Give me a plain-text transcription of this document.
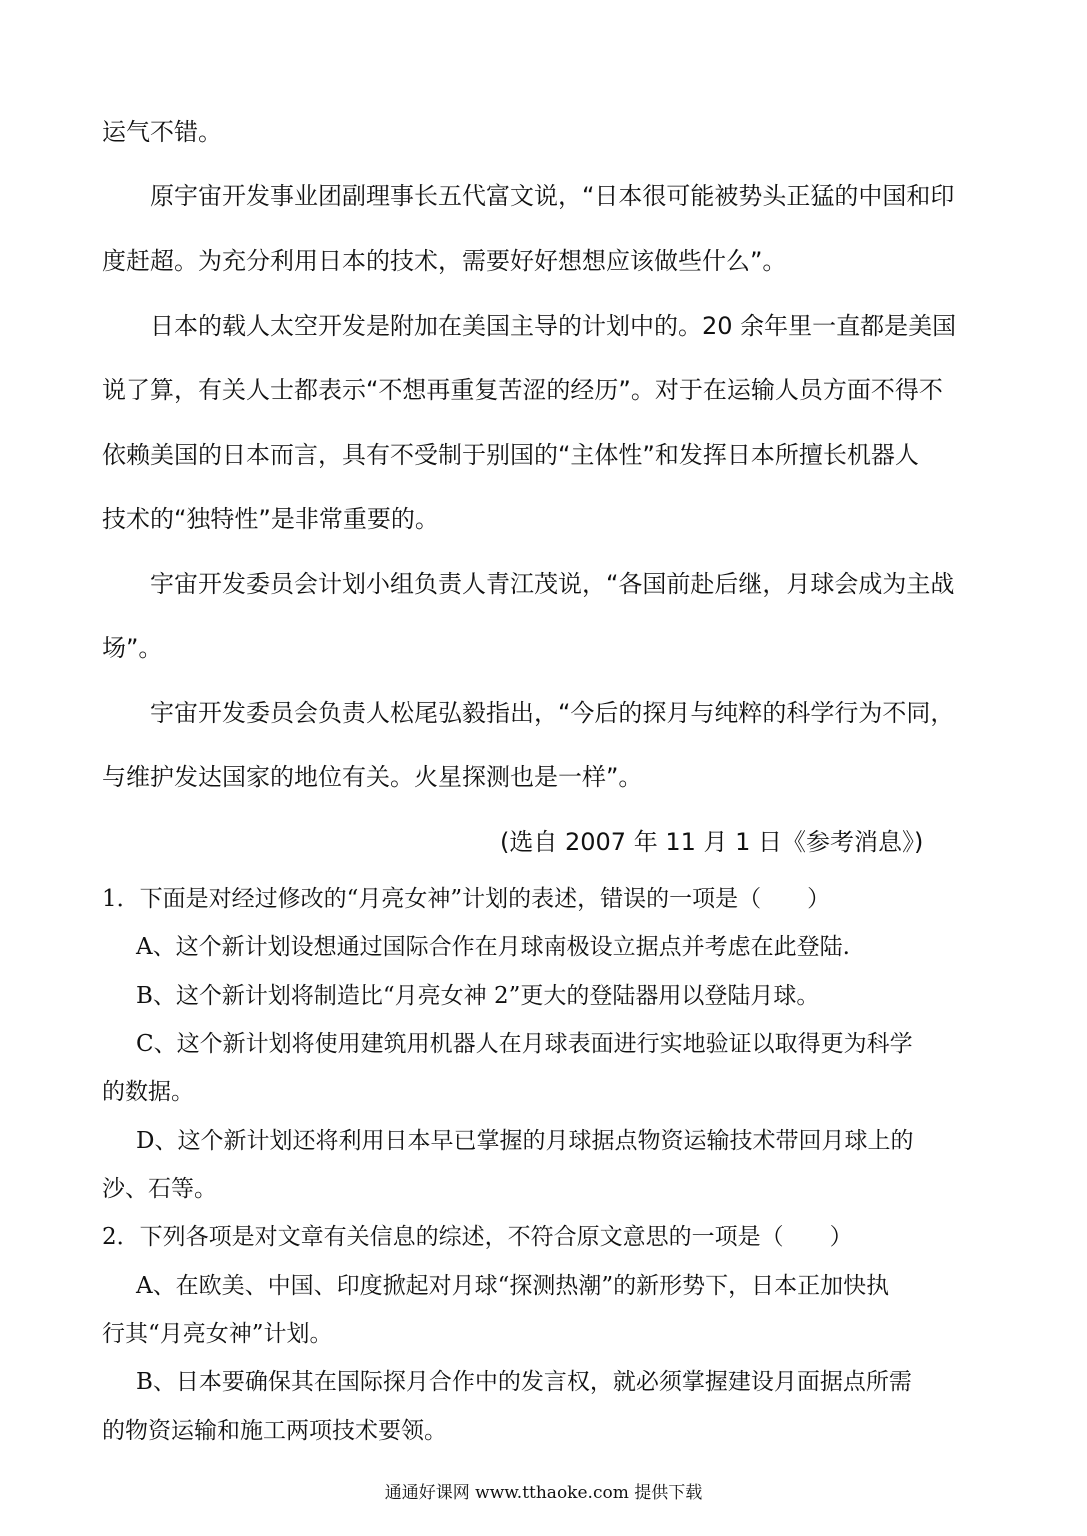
运气不错。
原宇宙开发事业团副理事长五代富文说，“日本很可能被势头正猛的中国和印
度赶超。为充分利用日本的技术，需要好好想想应该做些什么”。
日本的载人太空开发是附加在美国主导的计划中的。20 余年里一直都是美国
说了算，有关人士都表示“不想再重复苦涩的经历”。对于在运输人员方面不得不
依赖美国的日本而言，具有不受制于别国的“主体性”和发挥日本所擅长机器人
技术的“独特性”是非常重要的。
宇宙开发委员会计划小组负责人青江茂说，“各国前赴后继，月球会成为主战
场”。
宇宙开发委员会负责人松尾弘毅指出，“今后的探月与纯粹的科学行为不同，
与维护发达国家的地位有关。火星探测也是一样”。
(选自 2007 年 11 月 1 日《参考消息》)
1．下面是对经过修改的“月亮女神”计划的表述，错误的一项是（　　）
A、这个新计划设想通过国际合作在月球南极设立据点并考虑在此登陆.
B、这个新计划将制造比“月亮女神 2”更大的登陆器用以登陆月球。
C、这个新计划将使用建筑用机器人在月球表面进行实地验证以取得更为科学
的数据。
D、这个新计划还将利用日本早已掌握的月球据点物资运输技术带回月球上的
沙、石等。
2．下列各项是对文章有关信息的综述，不符合原文意思的一项是（　　）
A、在欧美、中国、印度掀起对月球“探测热潮”的新形势下，日本正加快执
行其“月亮女神”计划。
B、日本要确保其在国际探月合作中的发言权，就必须掌握建设月面据点所需
的物资运输和施工两项技术要领。
通通好课网 www.tthaoke.com 提供下载
